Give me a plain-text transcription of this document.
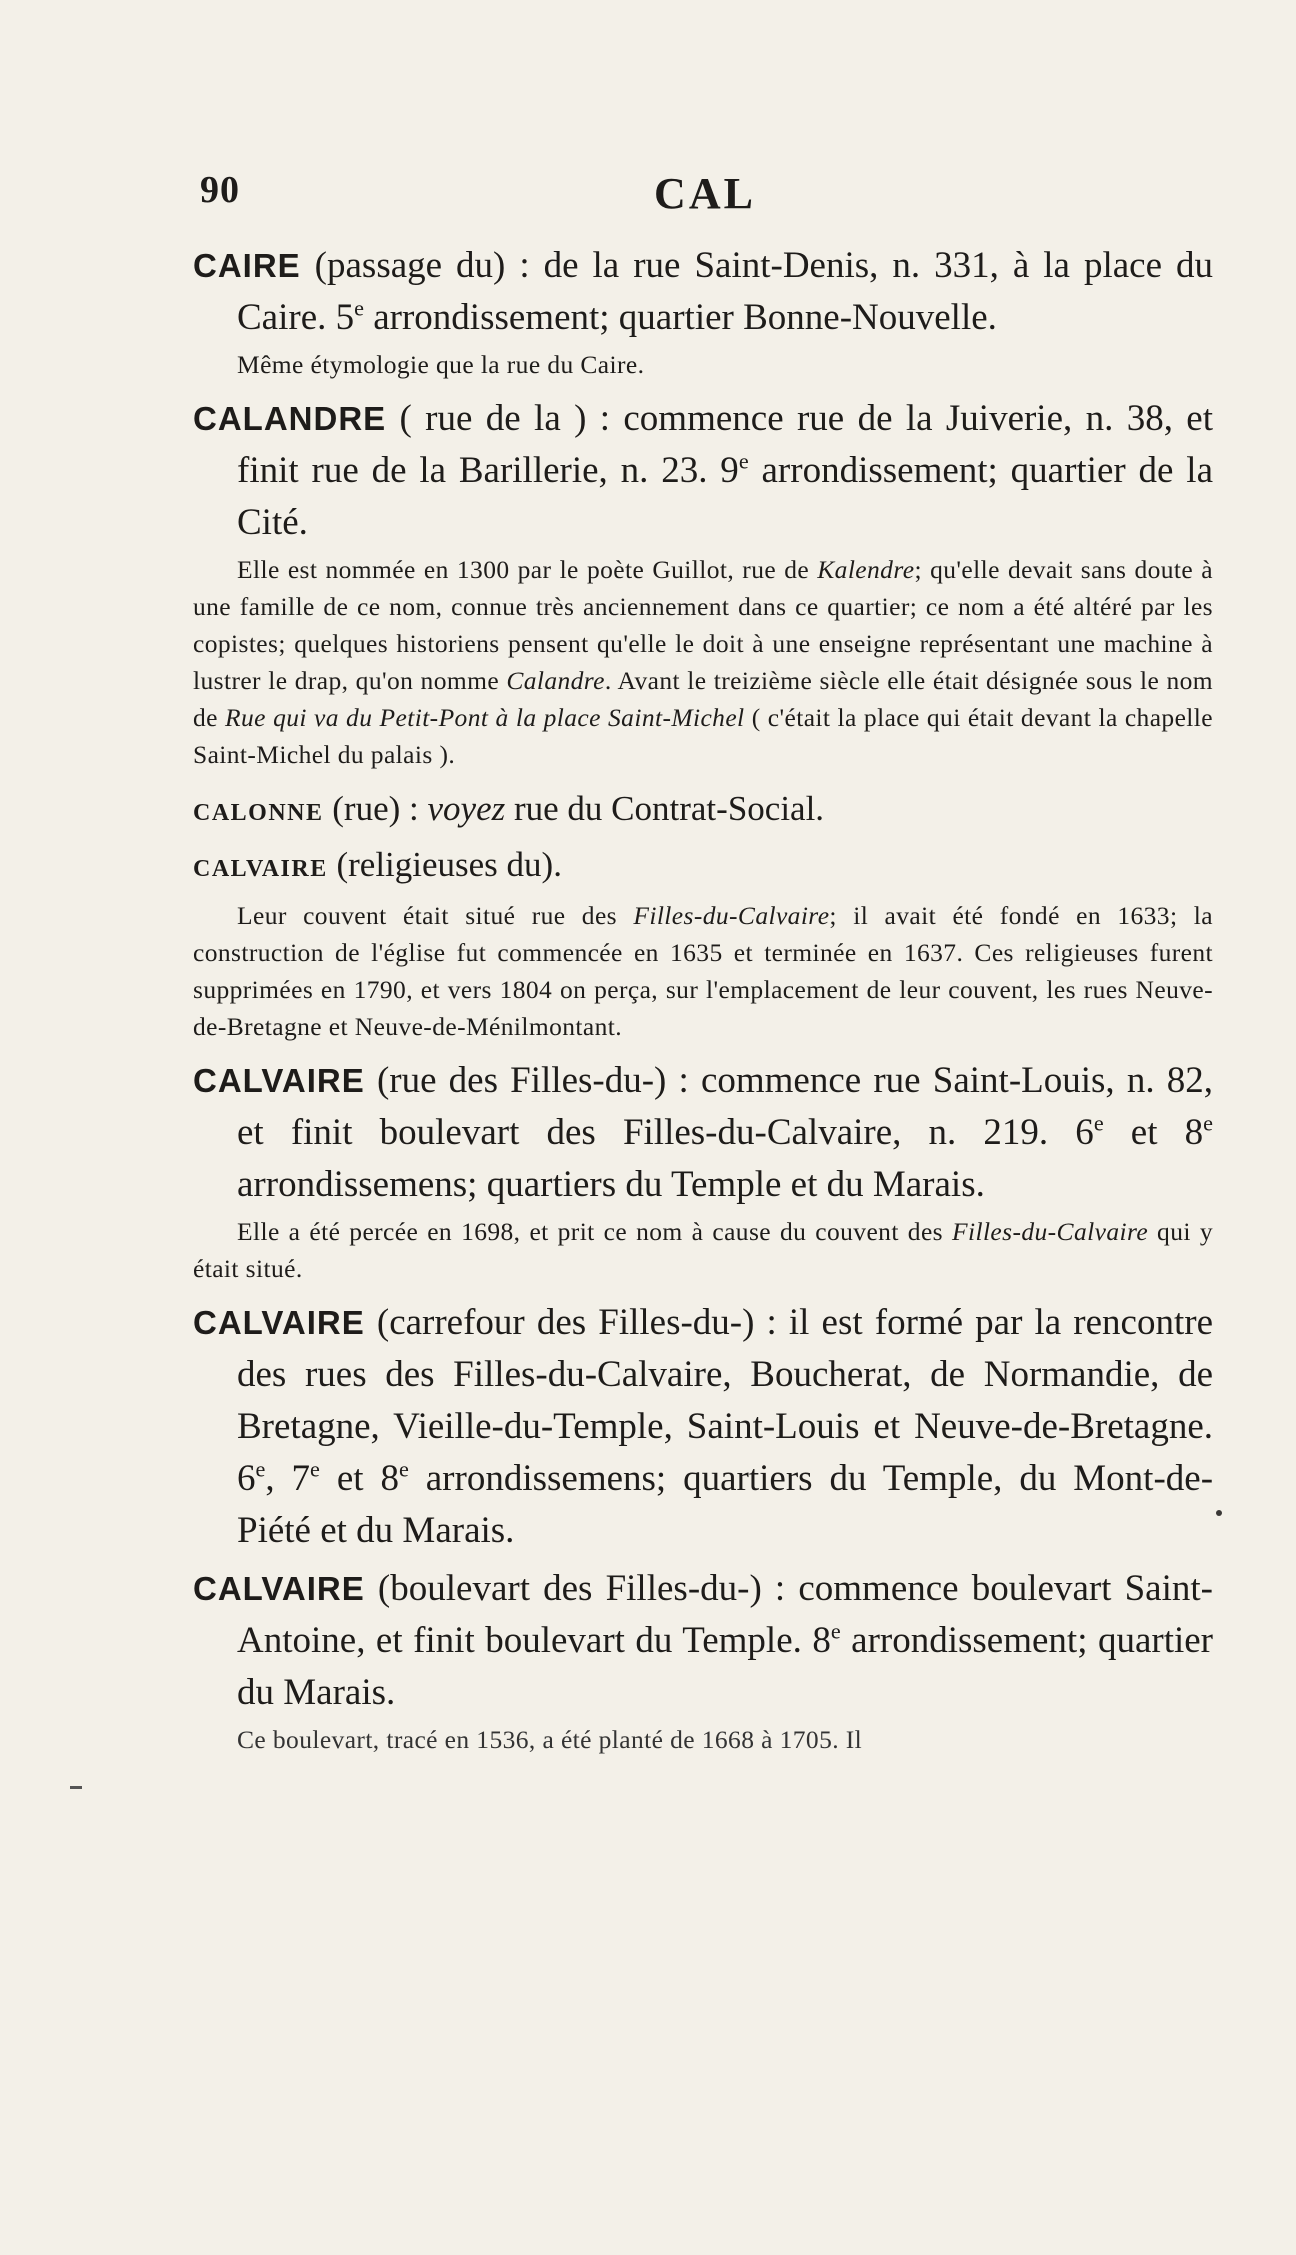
90	CAL

CAIRE (passage du) : de la rue Saint-Denis, n. 331, à la place du Caire. 5e arrondissement; quartier Bonne-Nouvelle.

Même étymologie que la rue du Caire.

CALANDRE ( rue de la ) : commence rue de la Juiverie, n. 38, et finit rue de la Barillerie, n. 23. 9e arrondissement; quartier de la Cité.

Elle est nommée en 1300 par le poète Guillot, rue de Kalendre; qu'elle devait sans doute à une famille de ce nom, connue très anciennement dans ce quartier; ce nom a été altéré par les copistes; quelques historiens pensent qu'elle le doit à une enseigne représentant une machine à lustrer le drap, qu'on nomme Calandre. Avant le treizième siècle elle était désignée sous le nom de Rue qui va du Petit-Pont à la place Saint-Michel ( c'était la place qui était devant la chapelle Saint-Michel du palais ).

CALONNE (rue) : voyez rue du Contrat-Social.

CALVAIRE (religieuses du).

Leur couvent était situé rue des Filles-du-Calvaire; il avait été fondé en 1633; la construction de l'église fut commencée en 1635 et terminée en 1637. Ces religieuses furent supprimées en 1790, et vers 1804 on perça, sur l'emplacement de leur couvent, les rues Neuve-de-Bretagne et Neuve-de-Ménilmontant.

CALVAIRE (rue des Filles-du-) : commence rue Saint-Louis, n. 82, et finit boulevart des Filles-du-Calvaire, n. 219. 6e et 8e arrondissemens; quartiers du Temple et du Marais.

Elle a été percée en 1698, et prit ce nom à cause du couvent des Filles-du-Calvaire qui y était situé.

CALVAIRE (carrefour des Filles-du-) : il est formé par la rencontre des rues des Filles-du-Calvaire, Boucherat, de Normandie, de Bretagne, Vieille-du-Temple, Saint-Louis et Neuve-de-Bretagne. 6e, 7e et 8e arrondissemens; quartiers du Temple, du Mont-de-Piété et du Marais.

CALVAIRE (boulevart des Filles-du-) : commence boulevart Saint-Antoine, et finit boulevart du Temple. 8e arrondissement; quartier du Marais.

Ce boulevart, tracé en 1536, a été planté de 1668 à 1705. Il
